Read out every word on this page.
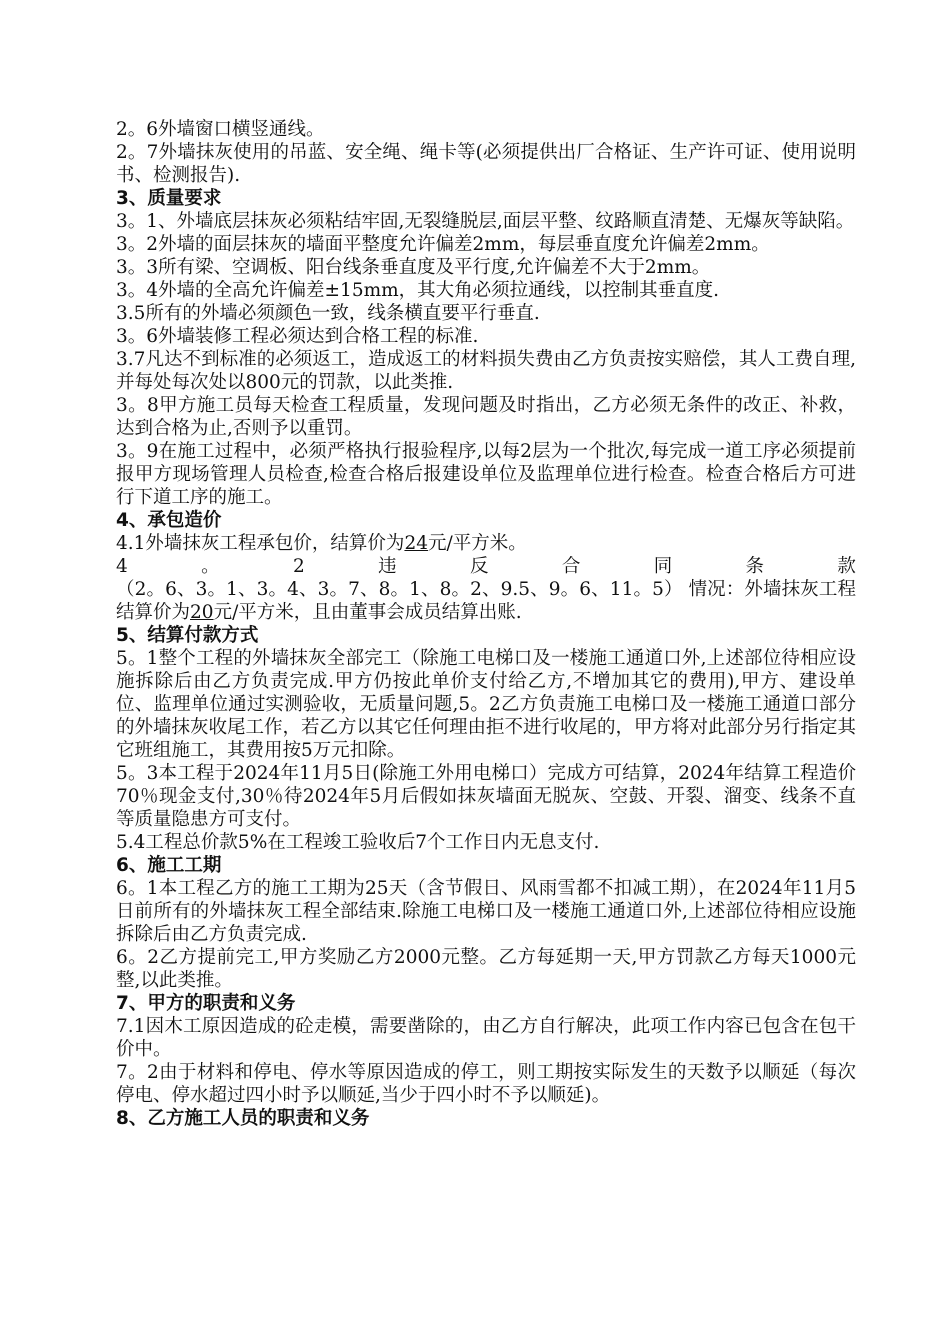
2。6外墙窗口横竖通线。

2。7外墙抹灰使用的吊蓝、安全绳、绳卡等(必须提供出厂合格证、生产许可证、使用说明书、检测报告).

3、质量要求

3。1、外墙底层抹灰必须粘结牢固,无裂缝脱层,面层平整、纹路顺直清楚、无爆灰等缺陷。

3。2外墙的面层抹灰的墙面平整度允许偏差2mm，每层垂直度允许偏差2mm。

3。3所有梁、空调板、阳台线条垂直度及平行度,允许偏差不大于2mm。

3。4外墙的全高允许偏差±15mm，其大角必须拉通线，以控制其垂直度.

3.5所有的外墙必须颜色一致，线条横直要平行垂直.

3。6外墙装修工程必须达到合格工程的标准.

3.7凡达不到标准的必须返工，造成返工的材料损失费由乙方负责按实赔偿，其人工费自理,并每处每次处以800元的罚款，以此类推.

3。8甲方施工员每天检查工程质量，发现问题及时指出，乙方必须无条件的改正、补救，达到合格为止,否则予以重罚。

3。9在施工过程中，必须严格执行报验程序,以每2层为一个批次,每完成一道工序必须提前报甲方现场管理人员检查,检查合格后报建设单位及监理单位进行检查。检查合格后方可进行下道工序的施工。

4、承包造价

4.1外墙抹灰工程承包价，结算价为24元/平方米。

4	。	2	违	反	合	同	条	款

（2。6、3。1、3。4、3。7、8。1、8。2、9.5、9。6、11。5） 情况：外墙抹灰工程结算价为20元/平方米，且由董事会成员结算出账.

5、结算付款方式

5。1整个工程的外墙抹灰全部完工（除施工电梯口及一楼施工通道口外,上述部位待相应设施拆除后由乙方负责完成.甲方仍按此单价支付给乙方,不增加其它的费用),甲方、建设单位、监理单位通过实测验收，无质量问题,5。2乙方负责施工电梯口及一楼施工通道口部分的外墙抹灰收尾工作，若乙方以其它任何理由拒不进行收尾的，甲方将对此部分另行指定其它班组施工，其费用按5万元扣除。

5。3本工程于2024年11月5日(除施工外用电梯口）完成方可结算，2024年结算工程造价70％现金支付,30％待2024年5月后假如抹灰墙面无脱灰、空鼓、开裂、溜变、线条不直等质量隐患方可支付。

5.4工程总价款5%在工程竣工验收后7个工作日内无息支付.

6、施工工期

6。1本工程乙方的施工工期为25天（含节假日、风雨雪都不扣减工期），在2024年11月5日前所有的外墙抹灰工程全部结束.除施工电梯口及一楼施工通道口外,上述部位待相应设施拆除后由乙方负责完成.

6。2乙方提前完工,甲方奖励乙方2000元整。乙方每延期一天,甲方罚款乙方每天1000元整,以此类推。

7、甲方的职责和义务

7.1因木工原因造成的砼走模，需要凿除的，由乙方自行解决，此项工作内容已包含在包干价中。

7。2由于材料和停电、停水等原因造成的停工，则工期按实际发生的天数予以顺延（每次停电、停水超过四小时予以顺延,当少于四小时不予以顺延)。

8、乙方施工人员的职责和义务
